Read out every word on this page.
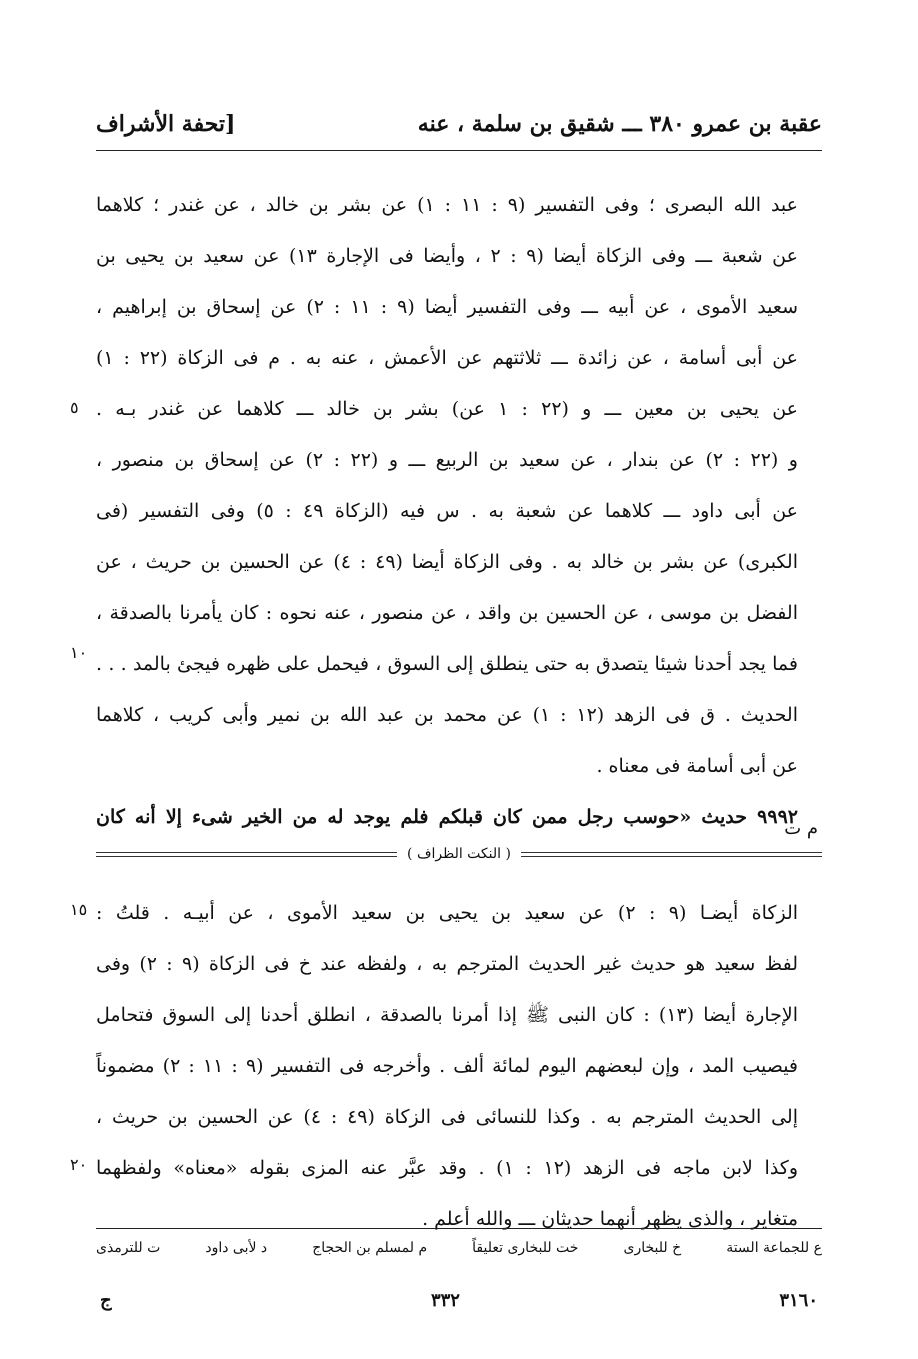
[تحفة الأشراف	عقبة بن عمرو ٣٨٠ ـــ شقيق بن سلمة ، عنه
عبد الله البصرى ؛ وفى التفسير (٩ : ١١ : ١) عن بشر بن خالد ، عن غندر ؛ كلاهما
عن شعبة ـــ وفى الزكاة أيضا (٩ : ٢ ، وأيضا فى الإجارة ١٣) عن سعيد بن يحيى بن
سعيد الأموى ، عن أبيه ـــ وفى التفسير أيضا (٩ : ١١ : ٢) عن إسحاق بن إبراهيم ،
عن أبى أسامة ، عن زائدة ـــ ثلاثتهم عن الأعمش ، عنه به . م فى الزكاة (٢٢ : ١)
عن يحيى بن معين ـــ و (٢٢ : ١ عن) بشر بن خالد ـــ كلاهما عن غندر بـه .
و (٢٢ : ٢) عن بندار ، عن سعيد بن الربيع ـــ و (٢٢ : ٢) عن إسحاق بن منصور ،
عن أبى داود ـــ كلاهما عن شعبة به . س فيه (الزكاة ٤٩ : ٥) وفى التفسير (فى
الكبرى) عن بشر بن خالد به . وفى الزكاة أيضا (٤٩ : ٤) عن الحسين بن حريث ، عن
الفضل بن موسى ، عن الحسين بن واقد ، عن منصور ، عنه نحوه : كان يأمرنا بالصدقة ،
فما يجد أحدنا شيئا يتصدق به حتى ينطلق إلى السوق ، فيحمل على ظهره فيجئ بالمد . . .
الحديث . ق فى الزهد (١٢ : ١) عن محمد بن عبد الله بن نمير وأبى كريب ، كلاهما
عن أبى أسامة فى معناه .
٩٩٩٢ حديث «حوسب رجل ممن كان قبلكم فلم يوجد له من الخير شىء إلا أنه كان
٥
١٠
١٥
٢٠
م ت
( النكت الظراف )
الزكاة أيضـا (٩ : ٢) عن سعيد بن يحيى بن سعيد الأموى ، عن أبيـه . قلتُ :
لفظ سعيد هو حديث غير الحديث المترجم به ، ولفظه عند خ فى الزكاة (٩ : ٢) وفى
الإجارة أيضا (١٣) : كان النبى ﷺ إذا أمرنا بالصدقة ، انطلق أحدنا إلى السوق فتحامل
فيصيب المد ، وإن لبعضهم اليوم لمائة ألف . وأخرجه فى التفسير (٩ : ١١ : ٢) مضموناً
إلى الحديث المترجم به . وكذا للنسائى فى الزكاة (٤٩ : ٤) عن الحسين بن حريث ،
وكذا لابن ماجه فى الزهد (١٢ : ١) . وقد عبَّر عنه المزى بقوله «معناه» ولفظهما
متغاير ، والذى يظهر أنهما حديثان ـــ والله أعلم .
ع للجماعة الستة
خ للبخارى
خت للبخارى تعليقاً
م لمسلم بن الحجاج
د لأبى داود
ت للترمذى
ج	٣٣٢	٣١٦٠
